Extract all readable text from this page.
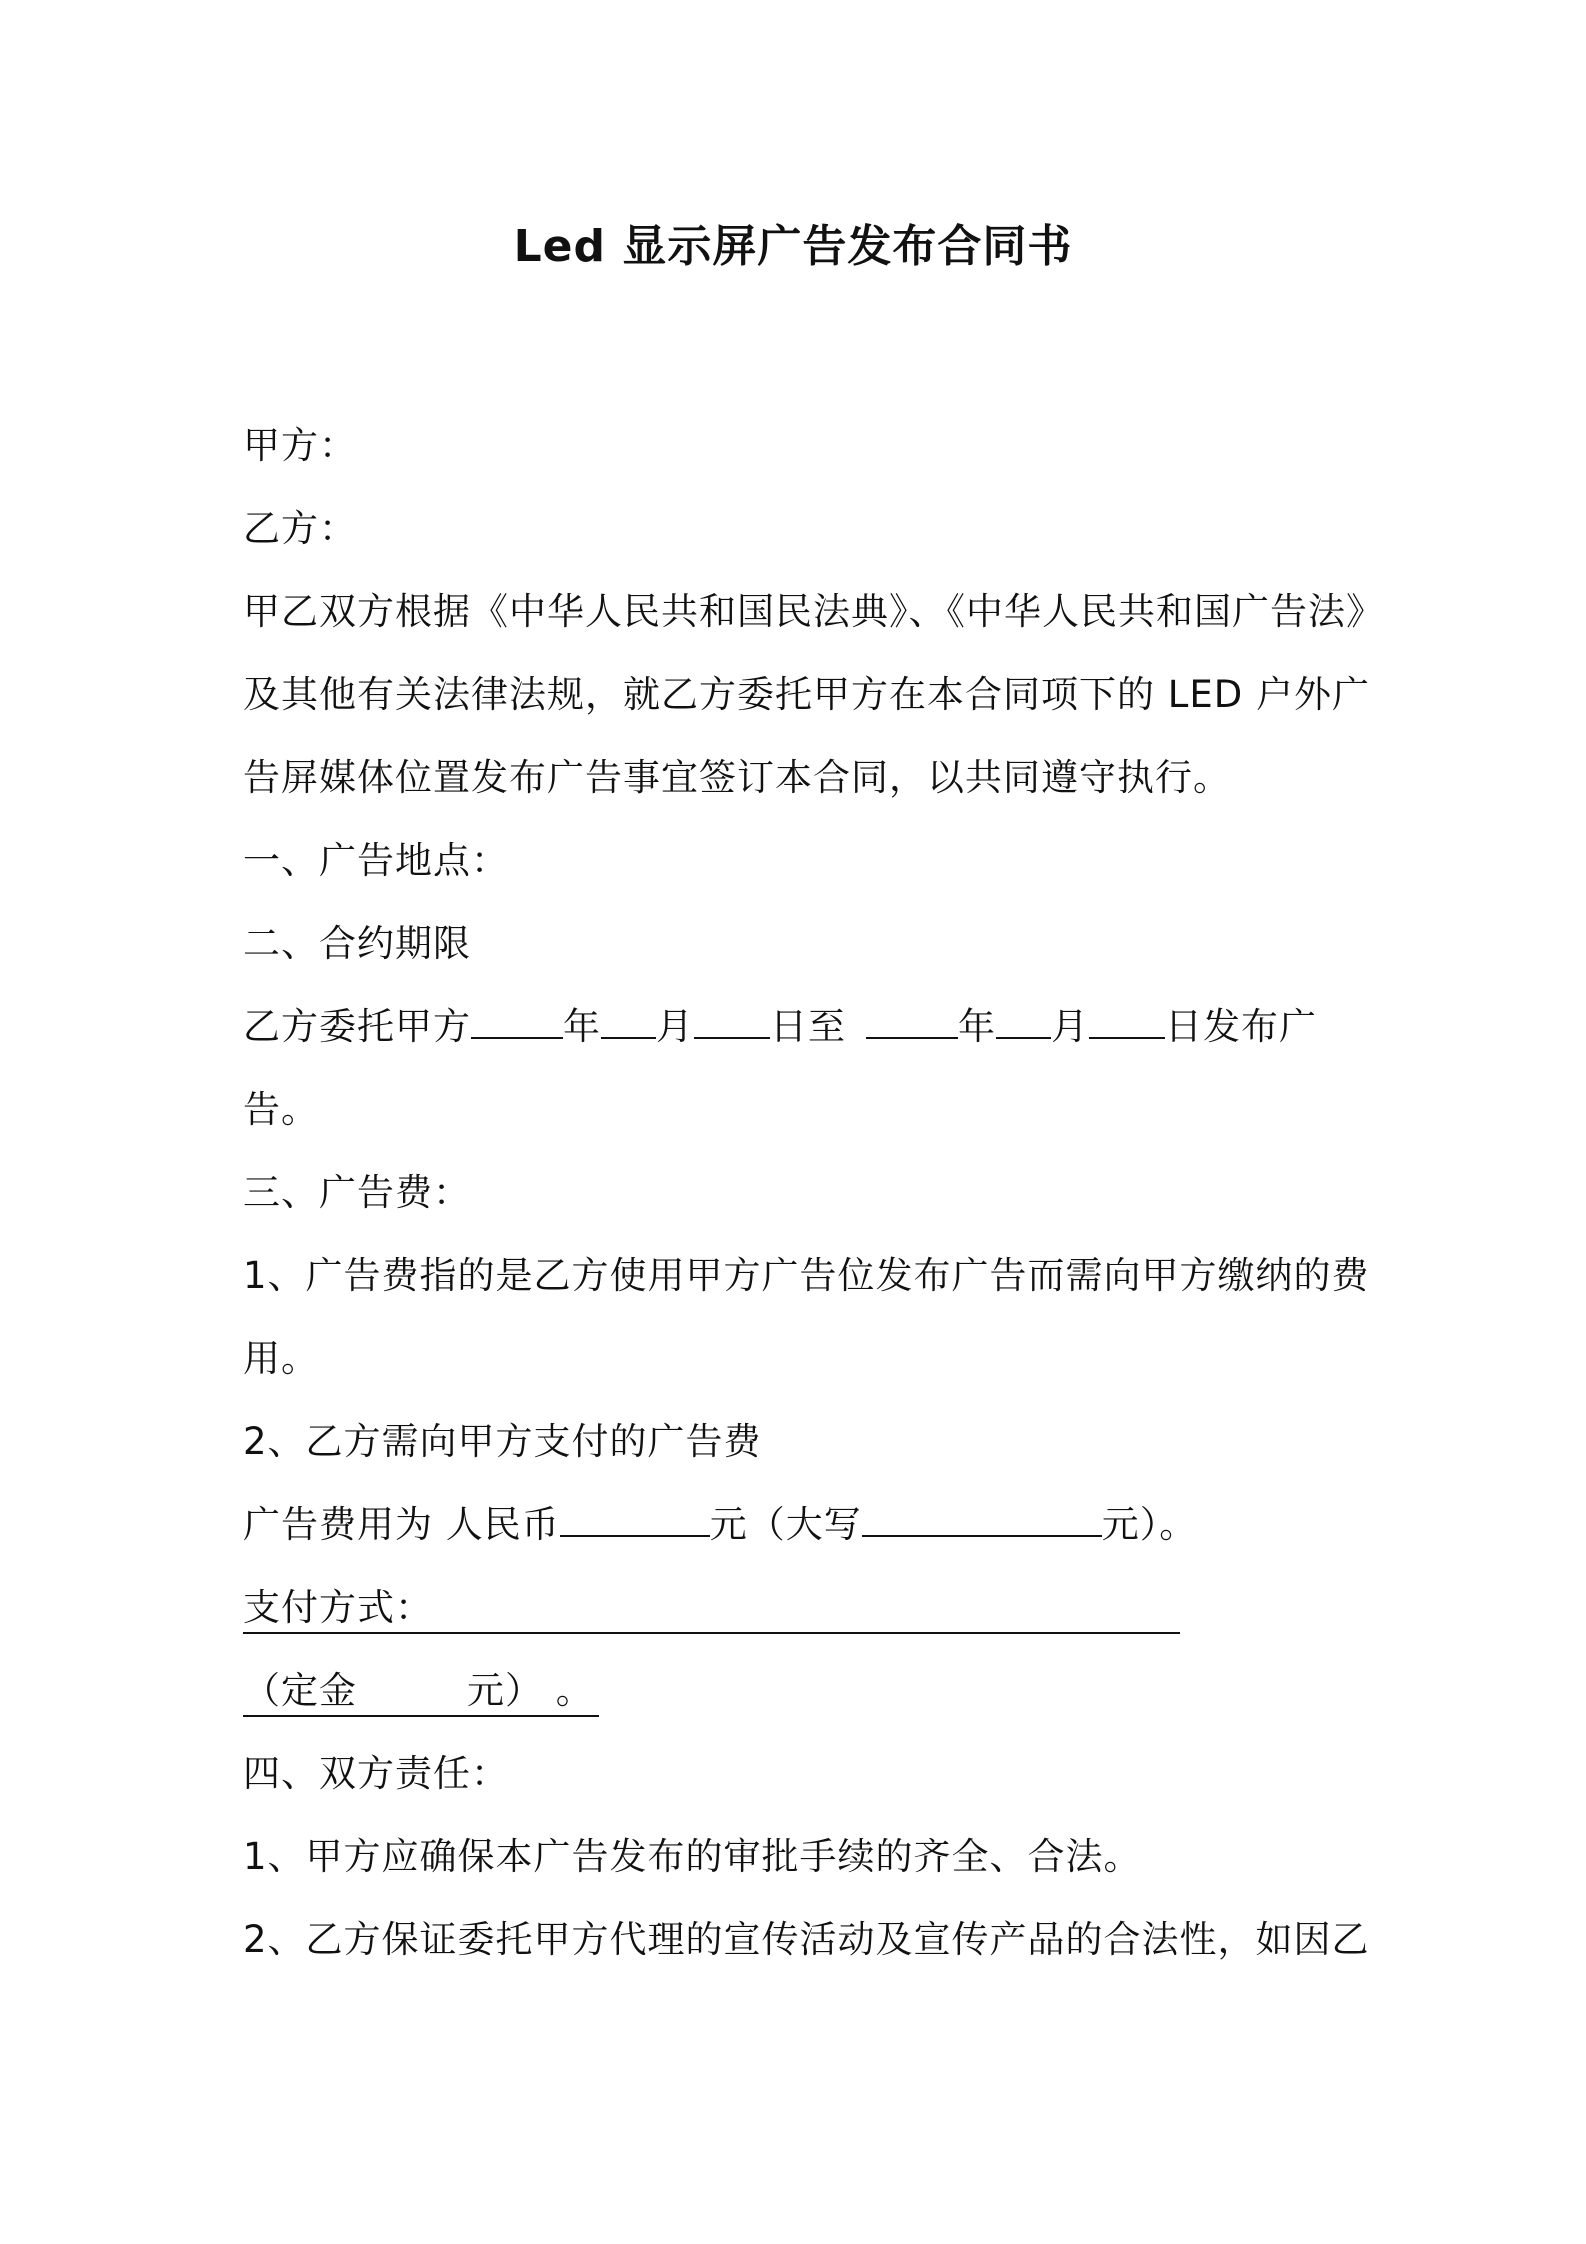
Led 显示屏广告发布合同书
甲方：
乙方：
甲乙双方根据《中华人民共和国民法典》、《中华人民共和国广告法》
及其他有关法律法规，就乙方委托甲方在本合同项下的 LED 户外广
告屏媒体位置发布广告事宜签订本合同，以共同遵守执行。
一、广告地点：
二、合约期限
乙方委托甲方 年 月 日至	年 月 日发布广
告。
三、广告费：
1、广告费指的是乙方使用甲方广告位发布广告而需向甲方缴纳的费
用。
2、乙方需向甲方支付的广告费
广告费用为 人民币	元（大写	元）。
支付方式：
（定金	元） 。
四、双方责任：
1、甲方应确保本广告发布的审批手续的齐全、合法。
2、乙方保证委托甲方代理的宣传活动及宣传产品的合法性，如因乙
